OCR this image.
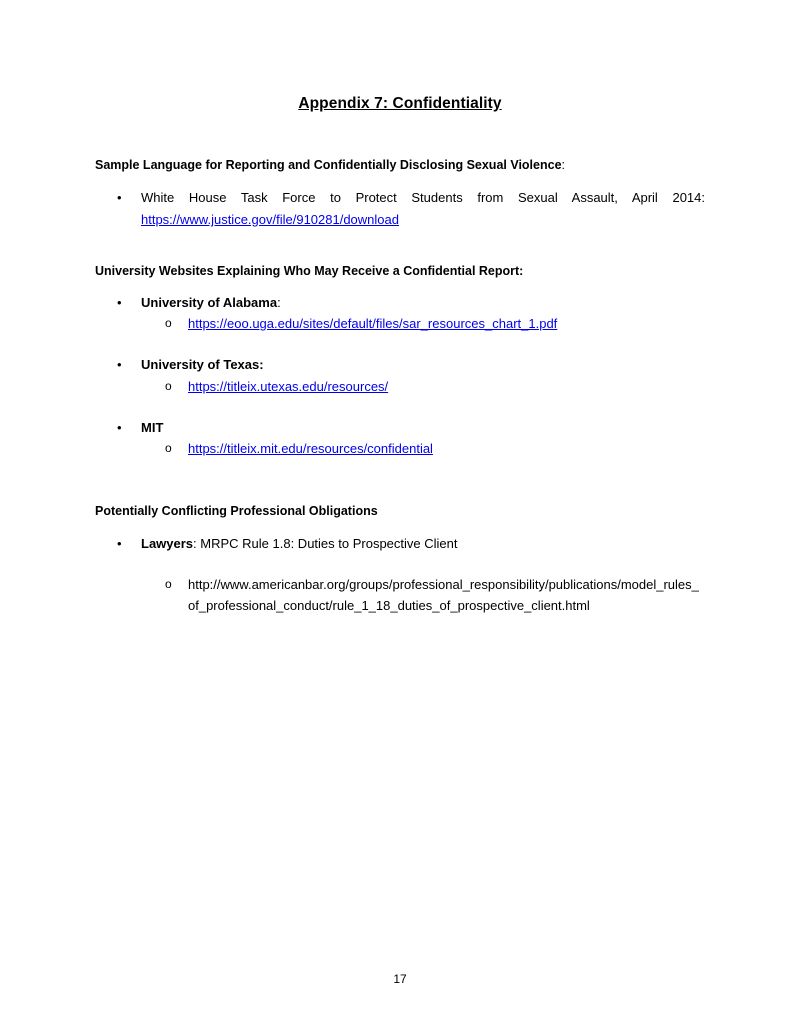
Appendix 7: Confidentiality
Sample Language for Reporting and Confidentially Disclosing Sexual Violence:
• White House Task Force to Protect Students from Sexual Assault, April 2014:
https://www.justice.gov/file/910281/download
University Websites Explaining Who May Receive a Confidential Report:
• University of Alabama:
o https://eoo.uga.edu/sites/default/files/sar_resources_chart_1.pdf
• University of Texas:
o https://titleix.utexas.edu/resources/
• MIT
o https://titleix.mit.edu/resources/confidential
Potentially Conflicting Professional Obligations
• Lawyers: MRPC Rule 1.8: Duties to Prospective Client
o http://www.americanbar.org/groups/professional_responsibility/publications/model_rules_of_professional_conduct/rule_1_18_duties_of_prospective_client.html
17
